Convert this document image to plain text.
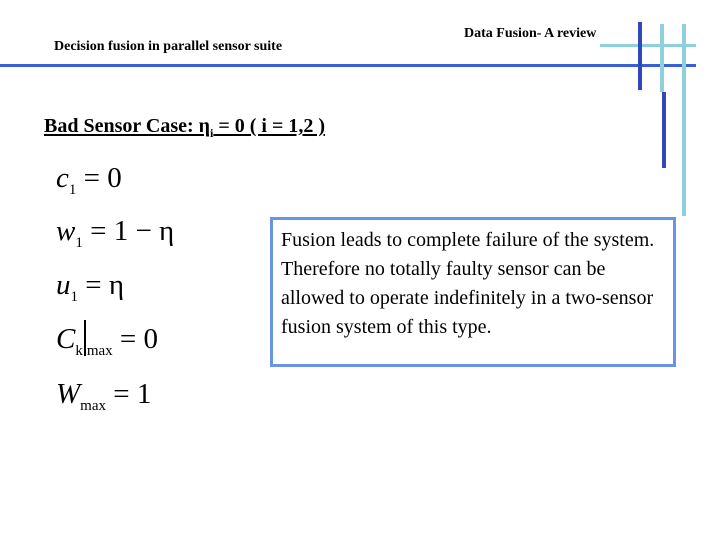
Decision fusion in parallel sensor suite
Data Fusion- A review
Bad Sensor Case: $\eta_i = 0$ ( i = 1,2 )
$c_1 = 0$
$w_1 = 1 - \eta$
$u_1 = \eta$
$C_k$ $_{max}$ = 0
$W_{max} = 1$

Fusion leads to complete failure of the system.

Therefore no totally faulty sensor can be allowed to operate indefinitely in a two-sensor fusion system of this type.
